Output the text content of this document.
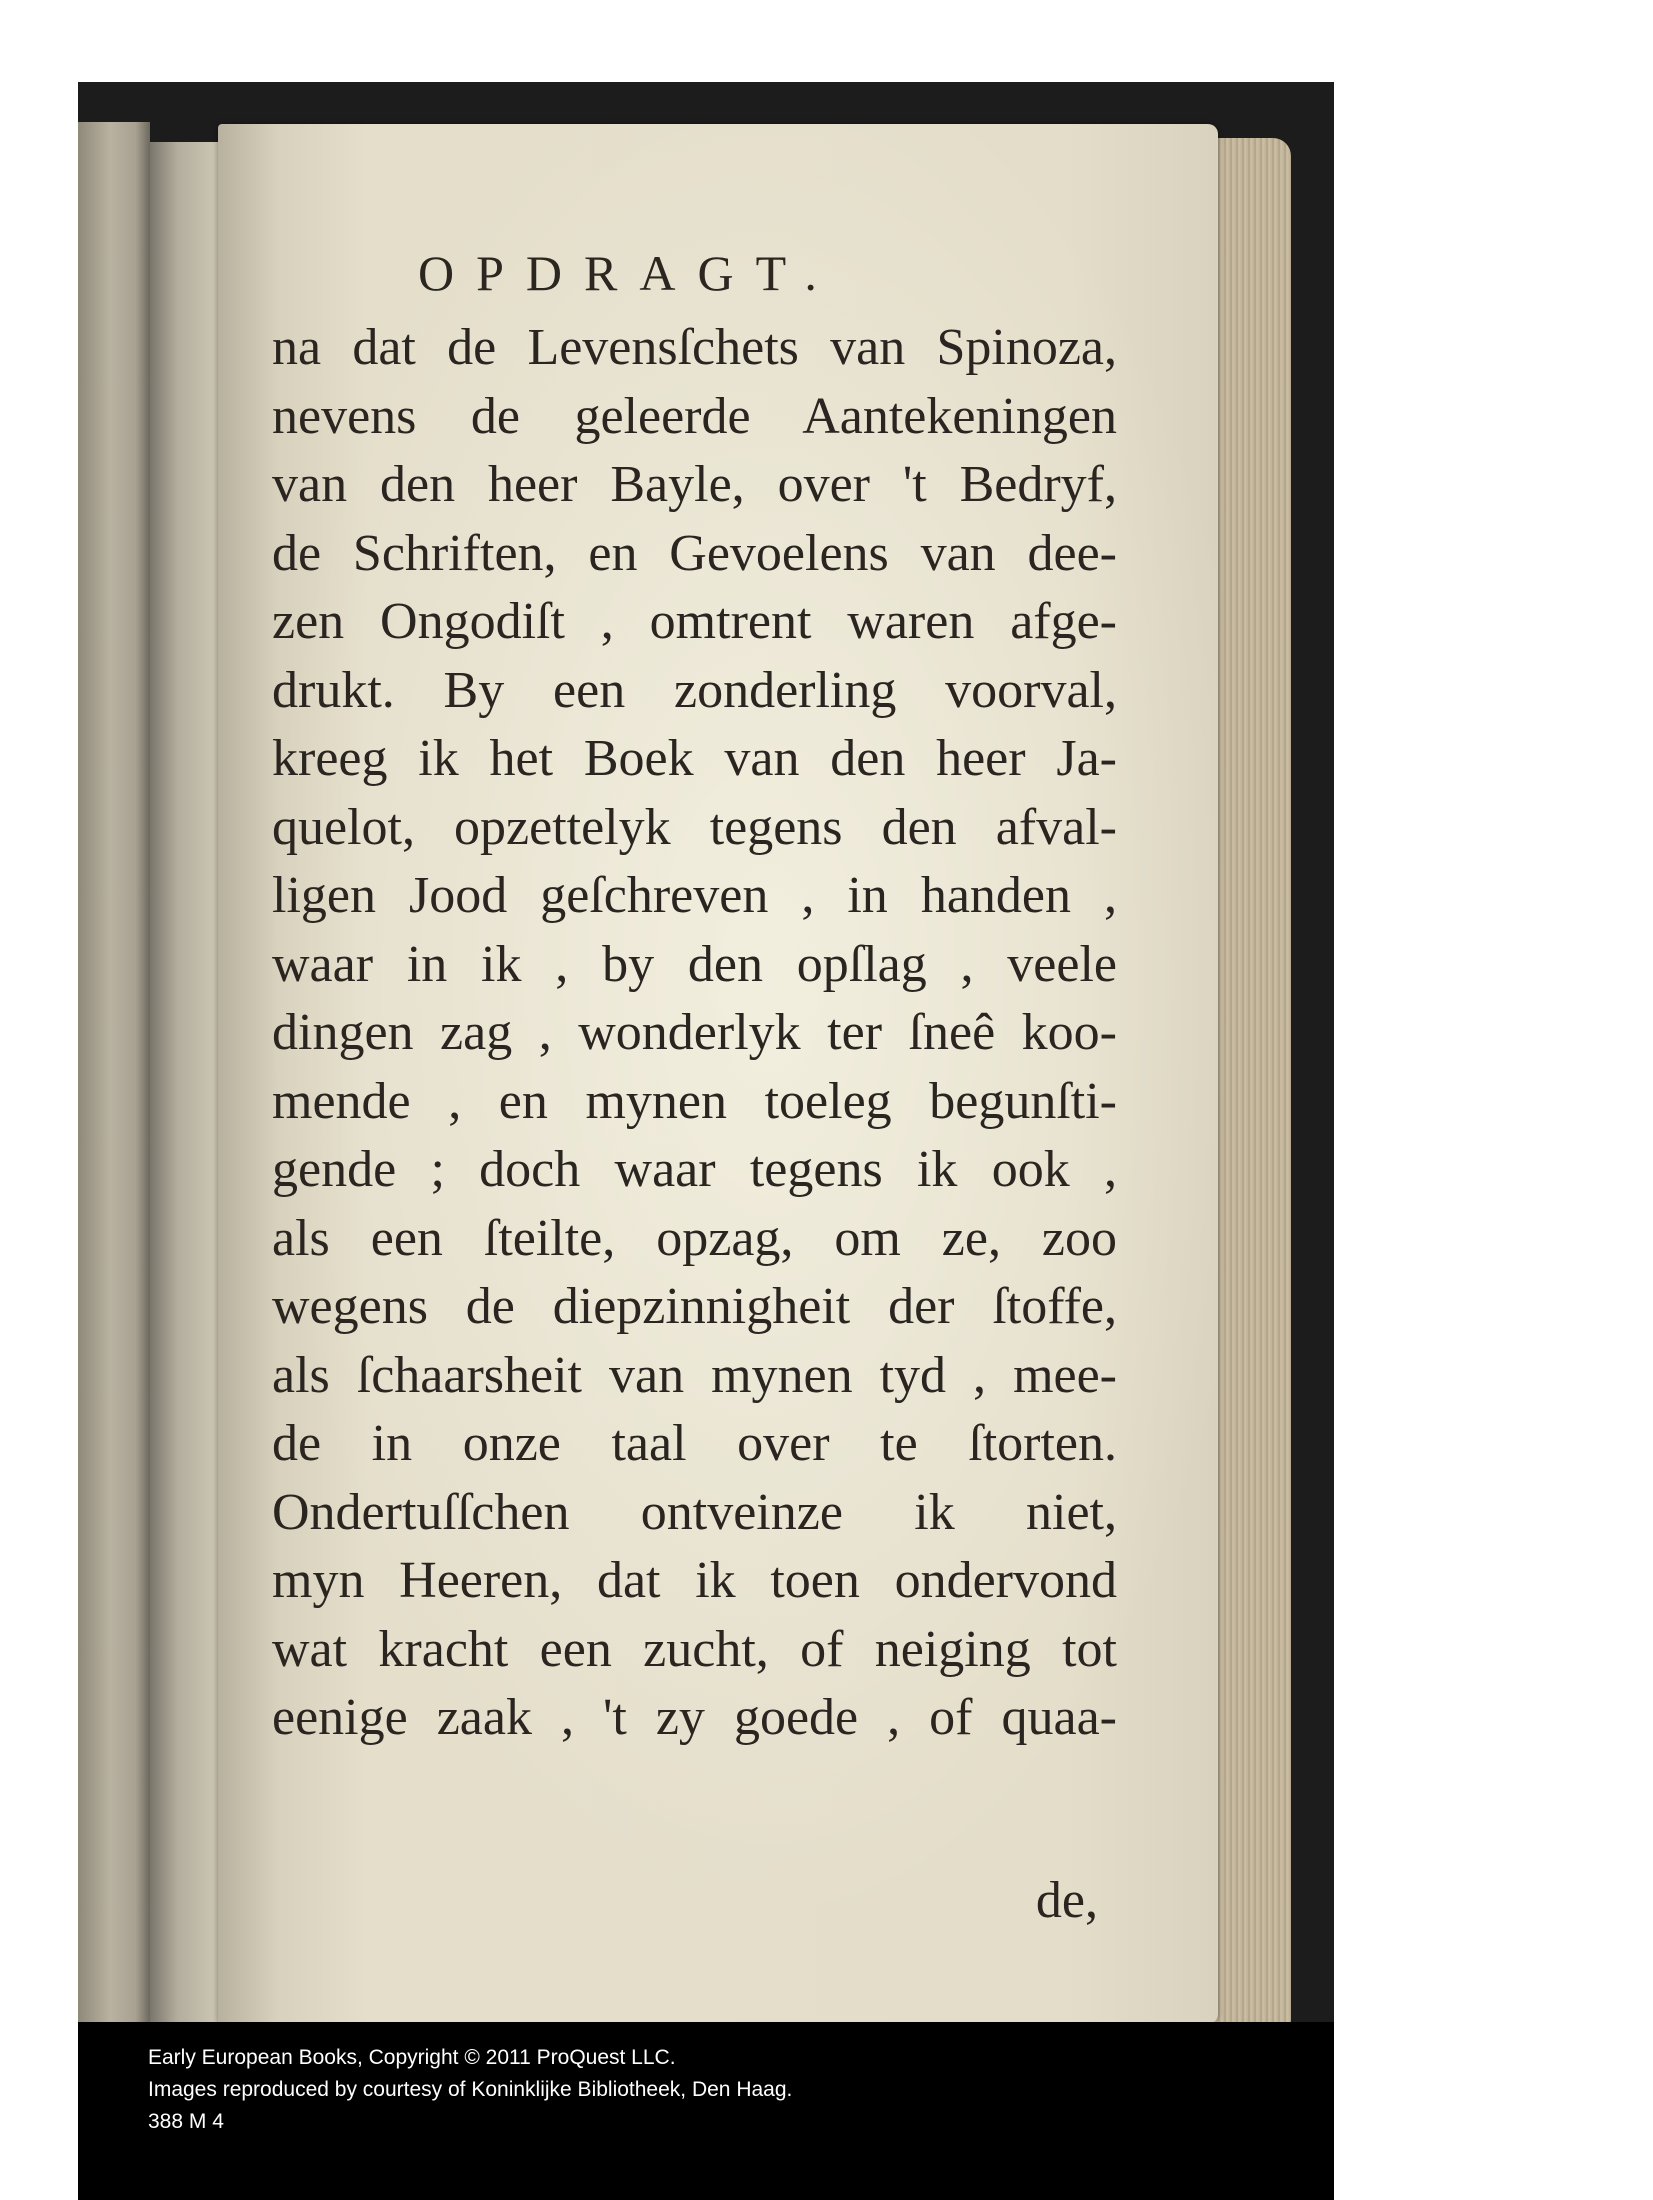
OPDRAGT.
na dat de Levensſchets van Spinoza,
nevens de geleerde Aantekeningen
van den heer Bayle, over 't Bedryf,
de Schriften, en Gevoelens van dee-
zen Ongodiſt , omtrent waren afge-
drukt. By een zonderling voorval,
kreeg ik het Boek van den heer Ja-
quelot, opzettelyk tegens den afval-
ligen Jood geſchreven , in handen ,
waar in ik , by den opſlag , veele
dingen zag , wonderlyk ter ſneê koo-
mende , en mynen toeleg begunſti-
gende ; doch waar tegens ik ook ,
als een ſteilte, opzag, om ze, zoo
wegens de diepzinnigheit der ſtoffe,
als ſchaarsheit van mynen tyd , mee-
de in onze taal over te ſtorten.
Ondertuſſchen ontveinze ik niet,
myn Heeren, dat ik toen ondervond
wat kracht een zucht, of neiging tot
eenige zaak , 't zy goede , of quaa-

de,

Early European Books, Copyright © 2011 ProQuest LLC.

Images reproduced by courtesy of Koninklijke Bibliotheek, Den Haag.

388 M 4
